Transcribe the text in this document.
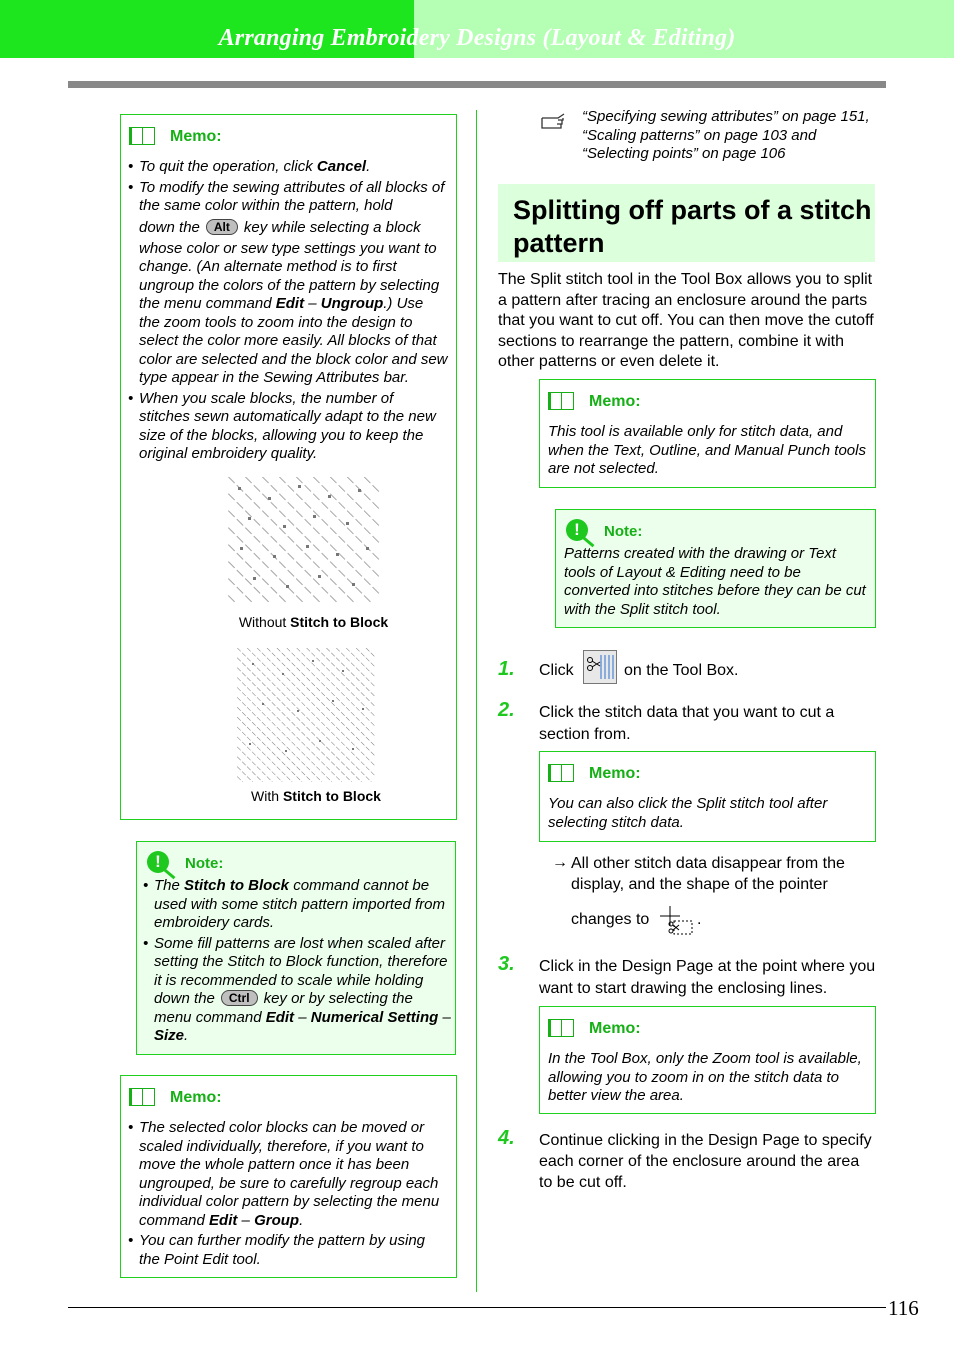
Arranging Embroidery Designs (Layout & Editing)
Memo:
• To quit the operation, click Cancel.
• To modify the sewing attributes of all blocks of the same color within the pattern, hold
down the Alt key while selecting a block whose color or sew type settings you want to change. (An alternate method is to first ungroup the colors of the pattern by selecting the menu command Edit – Ungroup.) Use the zoom tools to zoom into the design to select the color more easily. All blocks of that color are selected and the block color and sew type appear in the Sewing Attributes bar.
• When you scale blocks, the number of stitches sewn automatically adapt to the new size of the blocks, allowing you to keep the original embroidery quality.
Without Stitch to Block
With Stitch to Block
!	Note:
• The Stitch to Block command cannot be used with some stitch pattern imported from embroidery cards.
• Some fill patterns are lost when scaled after setting the Stitch to Block function, therefore it is recommended to scale while holding down the Ctrl key or by selecting the menu command Edit – Numerical Setting – Size.
Memo:
• The selected color blocks can be moved or scaled individually, therefore, if you want to move the whole pattern once it has been ungrouped, be sure to carefully regroup each individual color pattern by selecting the menu command Edit – Group.
• You can further modify the pattern by using the Point Edit tool.
“Specifying sewing attributes” on page 151, “Scaling patterns” on page 103 and “Selecting points” on page 106
Splitting off parts of a stitch pattern
The Split stitch tool in the Tool Box allows you to split a pattern after tracing an enclosure around the parts that you want to cut off. You can then move the cutoff sections to rearrange the pattern, combine it with other patterns or even delete it.
Memo:
This tool is available only for stitch data, and when the Text, Outline, and Manual Punch tools are not selected.
!	Note:
Patterns created with the drawing or Text tools of Layout & Editing need to be converted into stitches before they can be cut with the Split stitch tool.
1. Click	on the Tool Box.
2. Click the stitch data that you want to cut a section from.
Memo:
You can also click the Split stitch tool after selecting stitch data.
→ All other stitch data disappear from the display, and the shape of the pointer
changes to	.
3. Click in the Design Page at the point where you want to start drawing the enclosing lines.
Memo:
In the Tool Box, only the Zoom tool is available, allowing you to zoom in on the stitch data to better view the area.
4. Continue clicking in the Design Page to specify each corner of the enclosure around the area to be cut off.
116
